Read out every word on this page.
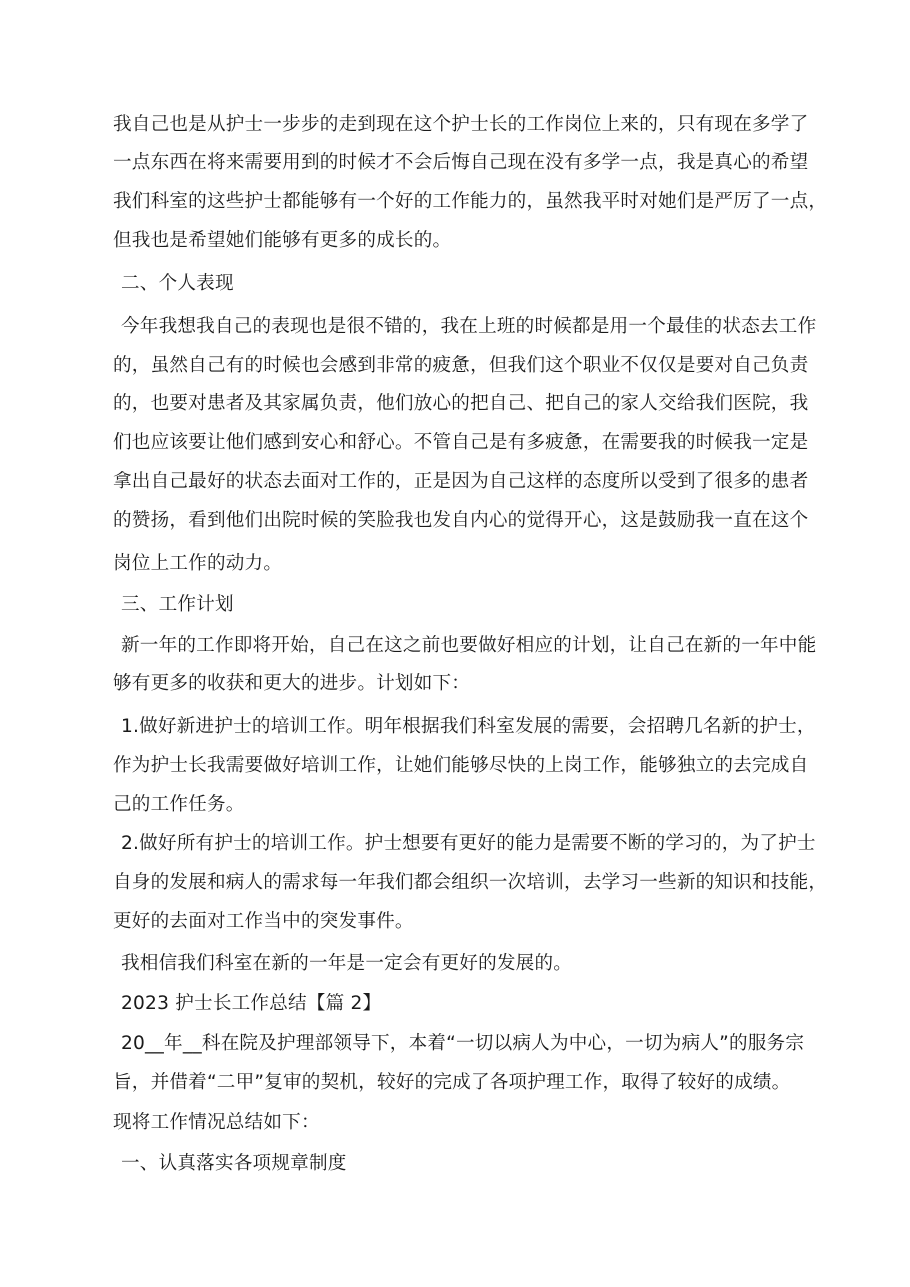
我自己也是从护士一步步的走到现在这个护士长的工作岗位上来的，只有现在多学了
一点东西在将来需要用到的时候才不会后悔自己现在没有多学一点，我是真心的希望
我们科室的这些护士都能够有一个好的工作能力的，虽然我平时对她们是严厉了一点，
但我也是希望她们能够有更多的成长的。
二、个人表现
今年我想我自己的表现也是很不错的，我在上班的时候都是用一个最佳的状态去工作
的，虽然自己有的时候也会感到非常的疲惫，但我们这个职业不仅仅是要对自己负责
的，也要对患者及其家属负责，他们放心的把自己、把自己的家人交给我们医院，我
们也应该要让他们感到安心和舒心。不管自己是有多疲惫，在需要我的时候我一定是
拿出自己最好的状态去面对工作的，正是因为自己这样的态度所以受到了很多的患者
的赞扬，看到他们出院时候的笑脸我也发自内心的觉得开心，这是鼓励我一直在这个
岗位上工作的动力。
三、工作计划
新一年的工作即将开始，自己在这之前也要做好相应的计划，让自己在新的一年中能
够有更多的收获和更大的进步。计划如下：
1.做好新进护士的培训工作。明年根据我们科室发展的需要，会招聘几名新的护士，
作为护士长我需要做好培训工作，让她们能够尽快的上岗工作，能够独立的去完成自
己的工作任务。
2.做好所有护士的培训工作。护士想要有更好的能力是需要不断的学习的，为了护士
自身的发展和病人的需求每一年我们都会组织一次培训，去学习一些新的知识和技能，
更好的去面对工作当中的突发事件。
我相信我们科室在新的一年是一定会有更好的发展的。
2023 护士长工作总结【篇 2】
20__年__科在院及护理部领导下，本着“一切以病人为中心，一切为病人”的服务宗
旨，并借着“二甲”复审的契机，较好的完成了各项护理工作，取得了较好的成绩。
现将工作情况总结如下：
一、认真落实各项规章制度
